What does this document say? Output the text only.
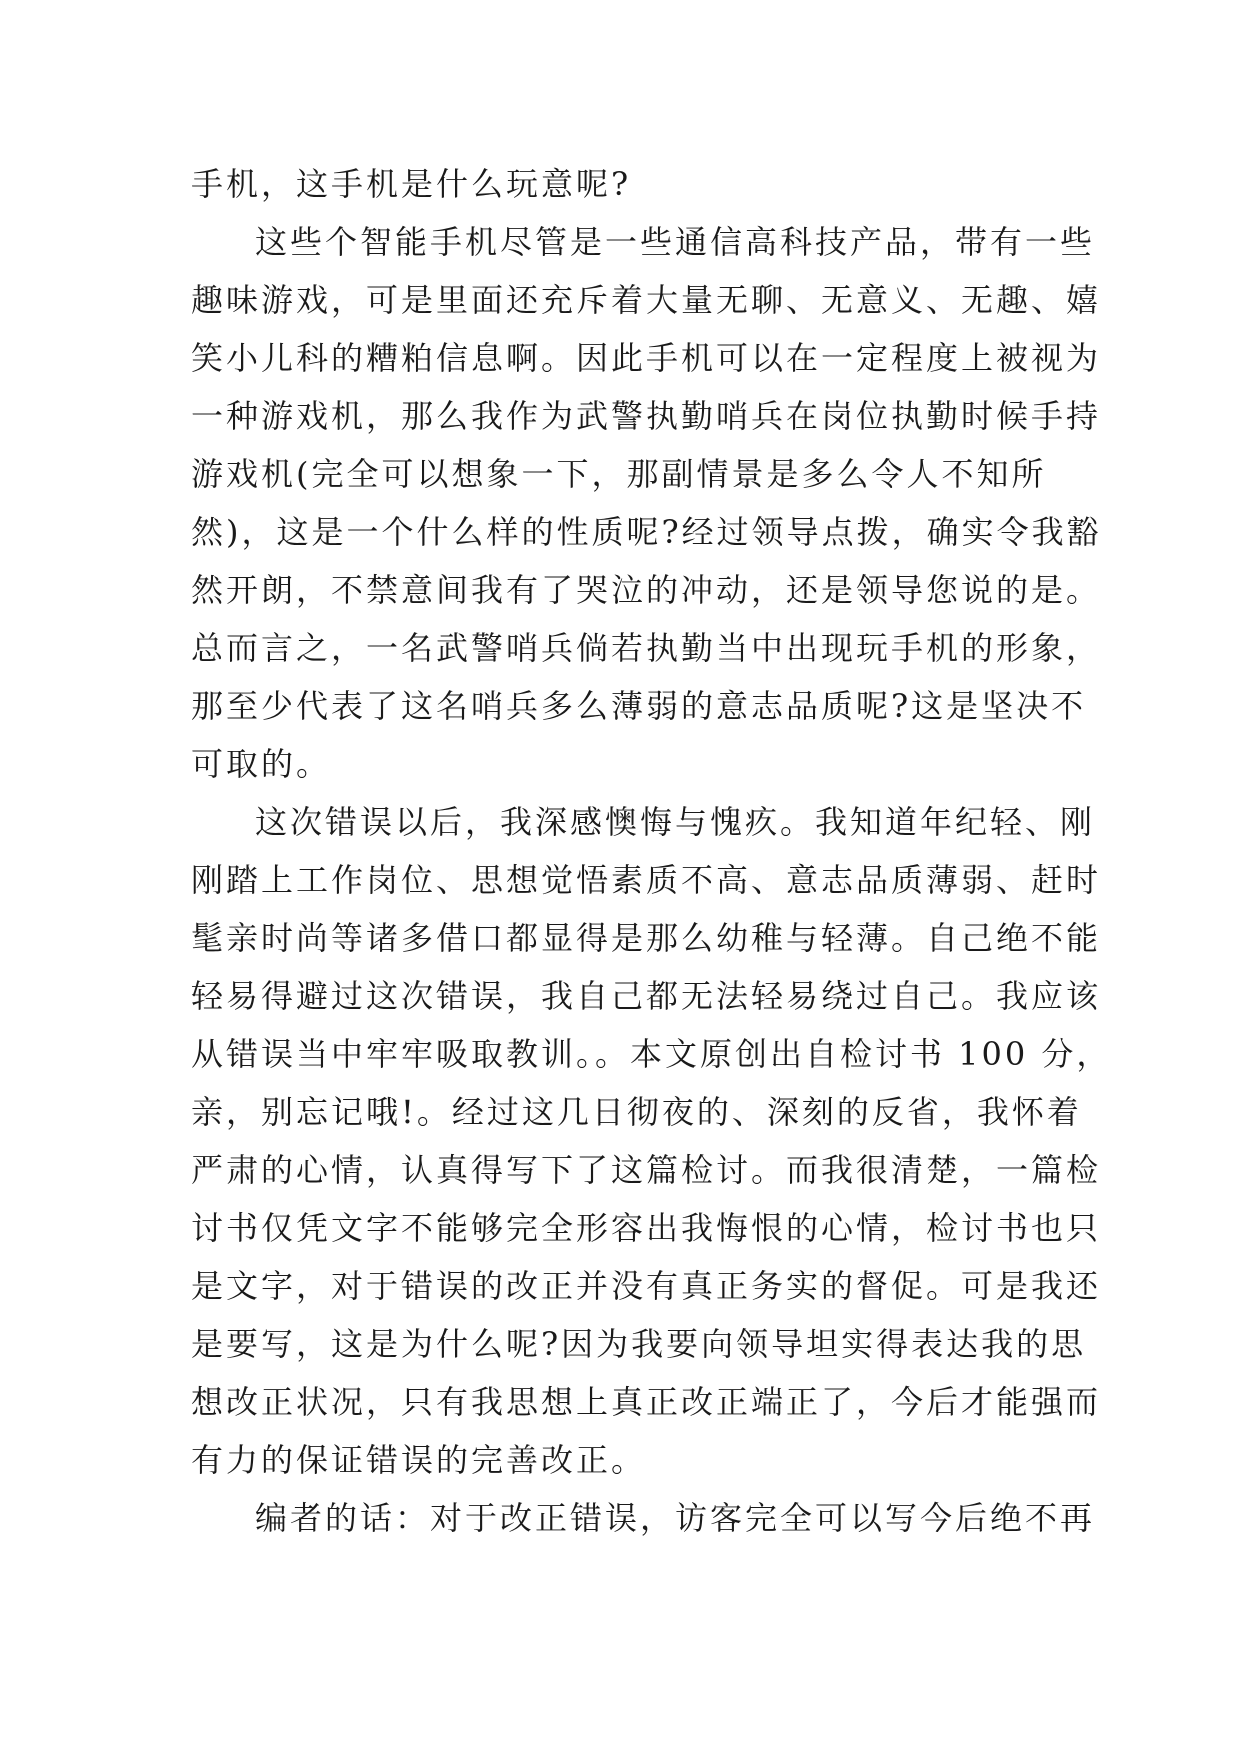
手机，这手机是什么玩意呢?
这些个智能手机尽管是一些通信高科技产品，带有一些
趣味游戏，可是里面还充斥着大量无聊、无意义、无趣、嬉
笑小儿科的糟粕信息啊。因此手机可以在一定程度上被视为
一种游戏机，那么我作为武警执勤哨兵在岗位执勤时候手持
游戏机(完全可以想象一下，那副情景是多么令人不知所
然)，这是一个什么样的性质呢?经过领导点拨，确实令我豁
然开朗，不禁意间我有了哭泣的冲动，还是领导您说的是。
总而言之，一名武警哨兵倘若执勤当中出现玩手机的形象，
那至少代表了这名哨兵多么薄弱的意志品质呢?这是坚决不
可取的。
这次错误以后，我深感懊悔与愧疚。我知道年纪轻、刚
刚踏上工作岗位、思想觉悟素质不高、意志品质薄弱、赶时
髦亲时尚等诸多借口都显得是那么幼稚与轻薄。自己绝不能
轻易得避过这次错误，我自己都无法轻易绕过自己。我应该
从错误当中牢牢吸取教训。。本文原创出自检讨书 100 分，
亲，别忘记哦!。经过这几日彻夜的、深刻的反省，我怀着
严肃的心情，认真得写下了这篇检讨。而我很清楚，一篇检
讨书仅凭文字不能够完全形容出我悔恨的心情，检讨书也只
是文字，对于错误的改正并没有真正务实的督促。可是我还
是要写，这是为什么呢?因为我要向领导坦实得表达我的思
想改正状况，只有我思想上真正改正端正了，今后才能强而
有力的保证错误的完善改正。
编者的话：对于改正错误，访客完全可以写今后绝不再
